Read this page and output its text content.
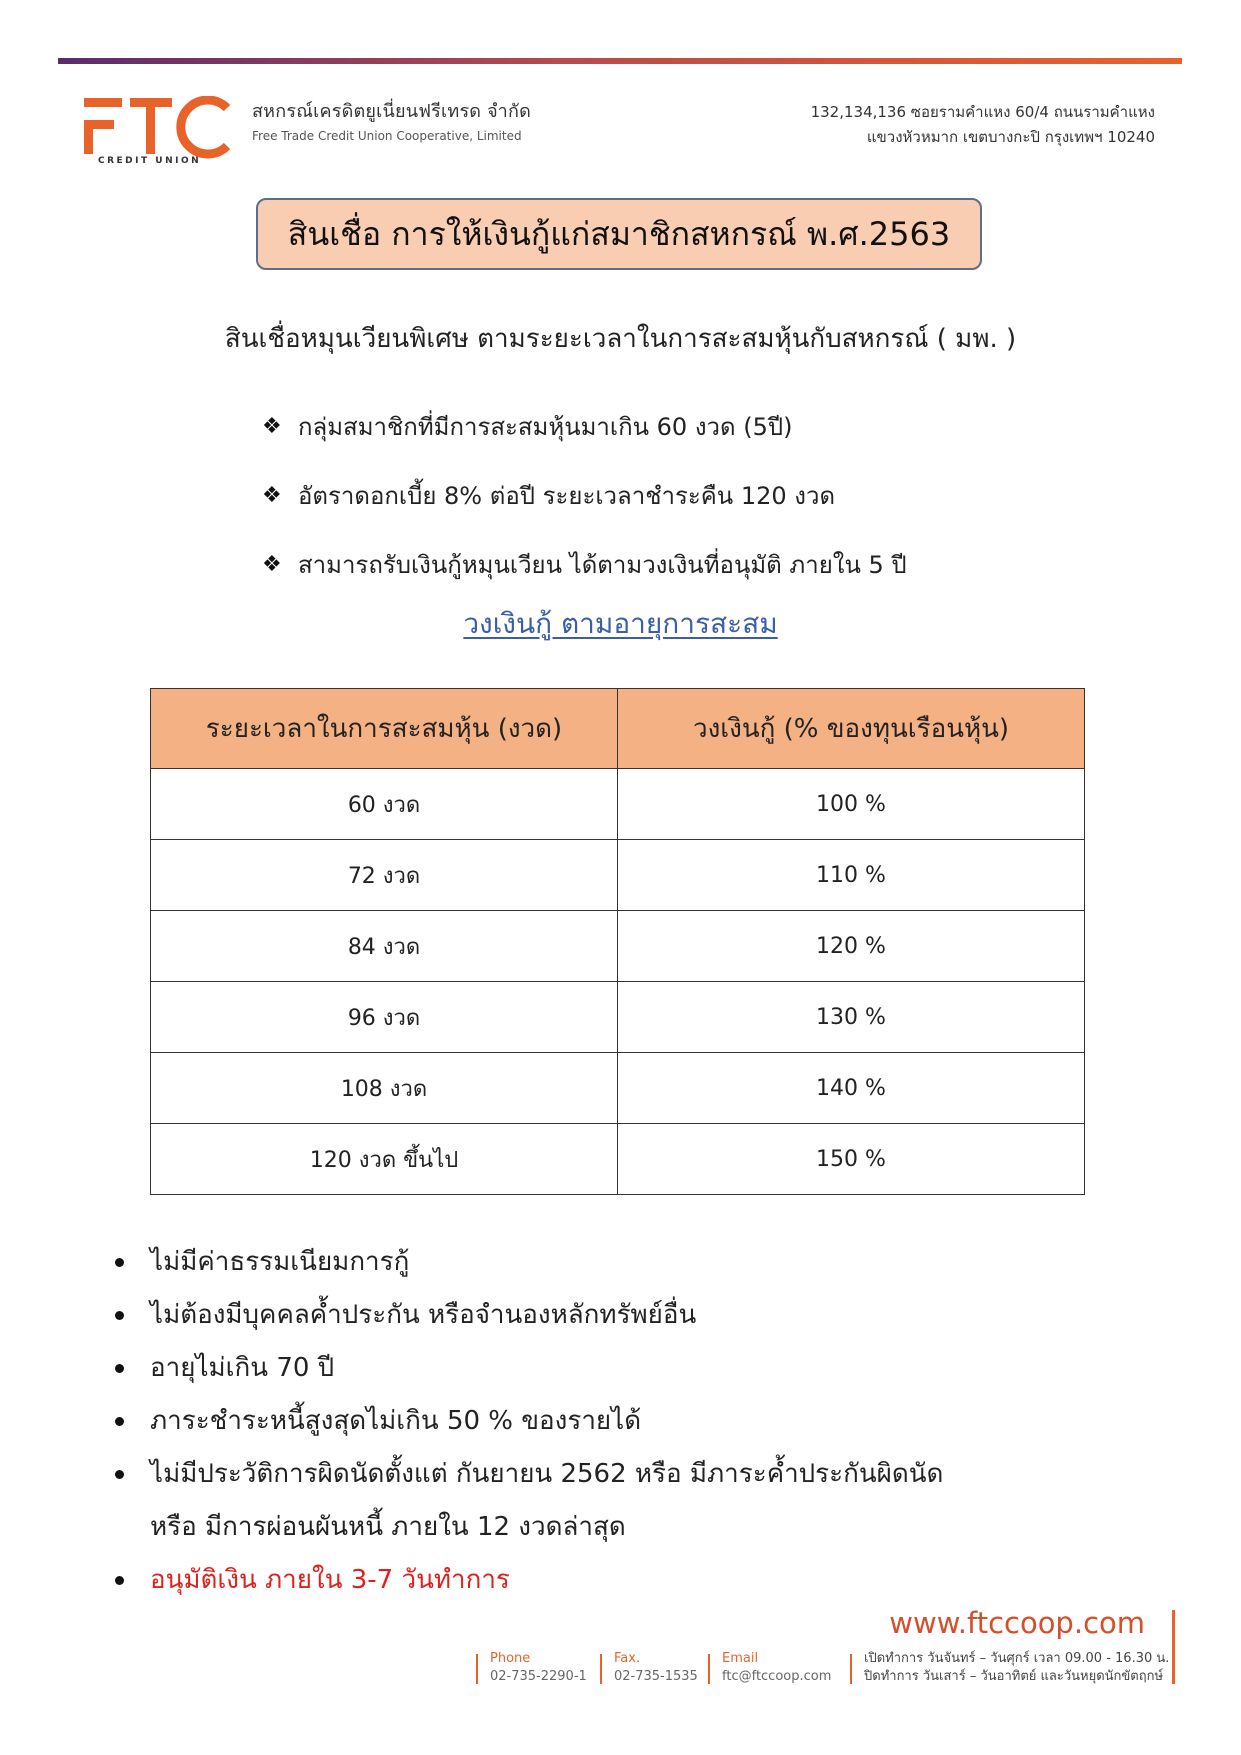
CREDIT UNION
สหกรณ์เครดิตยูเนี่ยนฟรีเทรด จำกัด
Free Trade Credit Union Cooperative, Limited
132,134,136 ซอยรามคำแหง 60/4 ถนนรามคำแหง
แขวงหัวหมาก เขตบางกะปิ กรุงเทพฯ 10240
สินเชื่อ การให้เงินกู้แก่สมาชิกสหกรณ์ พ.ศ.2563
สินเชื่อหมุนเวียนพิเศษ ตามระยะเวลาในการสะสมหุ้นกับสหกรณ์ ( มพ. )
❖ กลุ่มสมาชิกที่มีการสะสมหุ้นมาเกิน 60 งวด (5ปี)
❖ อัตราดอกเบี้ย 8% ต่อปี ระยะเวลาชำระคืน 120 งวด
❖ สามารถรับเงินกู้หมุนเวียน ได้ตามวงเงินที่อนุมัติ ภายใน 5 ปี
วงเงินกู้ ตามอายุการสะสม
ระยะเวลาในการสะสมหุ้น (งวด)	วงเงินกู้ (% ของทุนเรือนหุ้น)
60 งวด	100 %
72 งวด	110 %
84 งวด	120 %
96 งวด	130 %
108 งวด	140 %
120 งวด ขึ้นไป	150 %
ไม่มีค่าธรรมเนียมการกู้
ไม่ต้องมีบุคคลค้ำประกัน หรือจำนองหลักทรัพย์อื่น
อายุไม่เกิน 70 ปี
ภาระชำระหนี้สูงสุดไม่เกิน 50 % ของรายได้
ไม่มีประวัติการผิดนัดตั้งแต่ กันยายน 2562 หรือ มีภาระค้ำประกันผิดนัด
หรือ มีการผ่อนผันหนี้ ภายใน 12 งวดล่าสุด
อนุมัติเงิน ภายใน 3-7 วันทำการ
www.ftccoop.com
Phone
02-735-2290-1
Fax.
02-735-1535
Email
ftc@ftccoop.com
เปิดทำการ วันจันทร์ – วันศุกร์ เวลา 09.00 - 16.30 น.
ปิดทำการ วันเสาร์ – วันอาทิตย์ และวันหยุดนักขัตฤกษ์
